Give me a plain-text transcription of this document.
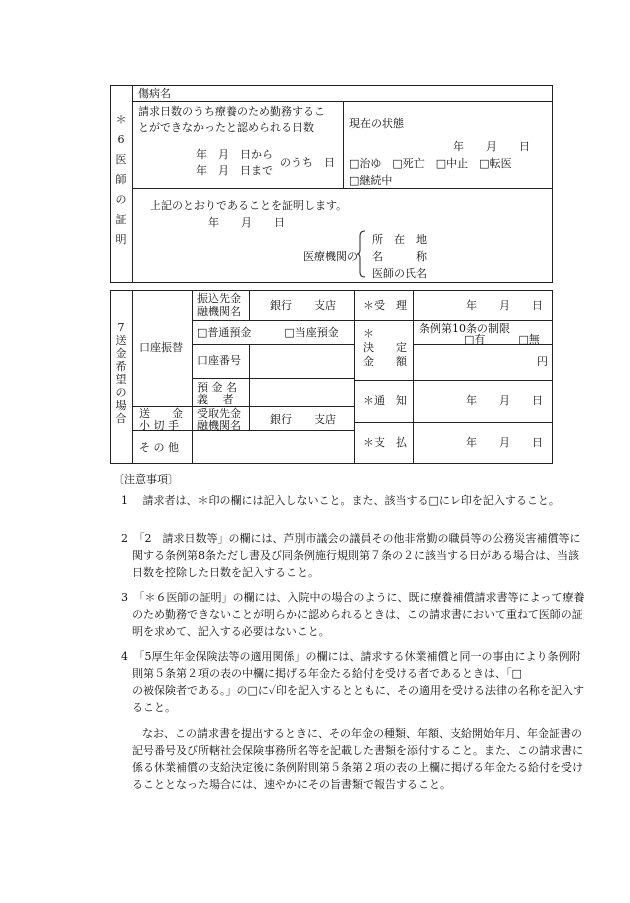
＊6医師の証明
傷病名
請求日数のうち療養のため勤務するこ
とができなかったと認められる日数
年　月　日から
年　月　日まで
のうち　日
現在の状態
年　　月　　日
□治ゆ　□死亡　□中止　□転医
□継続中
上記のとおりであることを証明します。
年　　月　　日
医療機関の
所　在　地
名　　　称
医師の氏名
7送金希望の場合
口座振替
振込先金
融機関名	銀行　　支店
□普通預金　　　□当座預金
口座番号
預 金 名
義　 者
送　　金
小 切 手
受取先金
融機関名	銀行　　支店
そ の 他
＊受　理	年　　月　　日
＊
決　　定
金　　額
条例第10条の制限
□有　　　□無
円
＊通　知	年　　月　　日
＊支　払	年　　月　　日
〔注意事項〕
1　 請求者は、＊印の欄には記入しないこと。また、該当する□にレ印を記入すること。
2　「2　請求日数等」の欄には、芦別市議会の議員その他非常勤の職員等の公務災害補償等に関する条例第8条ただし書及び同条例施行規則第７条の２に該当する日がある場合は、当該日数を控除した日数を記入すること。
3　「＊６医師の証明」の欄には、入院中の場合のように、既に療養補償請求書等によって療養のため勤務できないことが明らかに認められるときは、この請求書において重ねて医師の証明を求めて、記入する必要はないこと。
4　「5厚生年金保険法等の適用関係」の欄には、請求する休業補償と同一の事由により条例附則第５条第２項の表の中欄に掲げる年金たる給付を受ける者であるときは、「□　　　　　　　　の被保険者である。」の□に✓印を記入するとともに、その適用を受ける法律の名称を記入すること。
なお、この請求書を提出するときに、その年金の種類、年額、支給開始年月、年金証書の記号番号及び所轄社会保険事務所名等を記載した書類を添付すること。また、この請求書に係る休業補償の支給決定後に条例附則第５条第２項の表の上欄に掲げる年金たる給付を受けることとなった場合には、速やかにその旨書類で報告すること。
